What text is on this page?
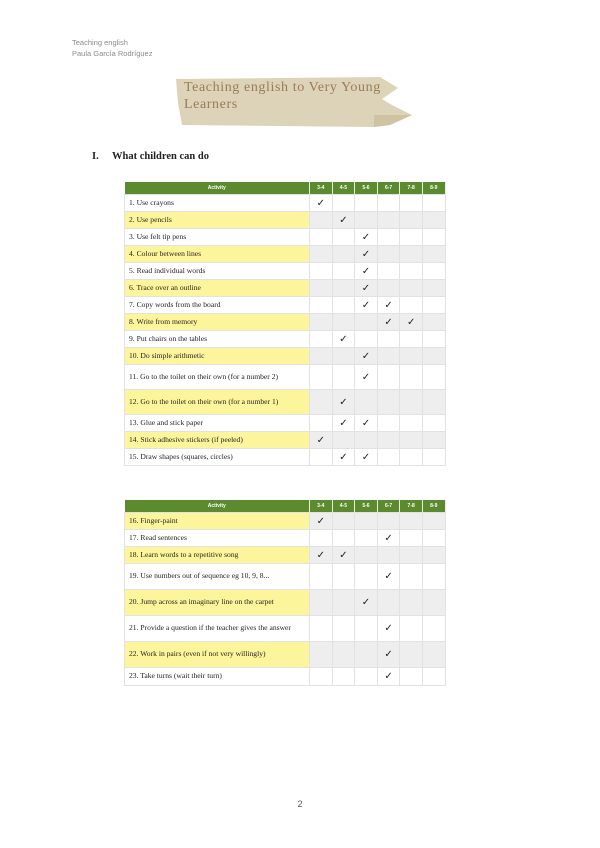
Teaching english
Paula García Rodríguez
Teaching english to Very Young Learners
I. What children can do
Activity	3-4	4-5	5-6	6-7	7-8	8-9
1. Use crayons	✓					
2. Use pencils		✓				
3. Use felt tip pens			✓			
4. Colour between lines			✓			
5. Read individual words			✓			
6. Trace over an outline			✓			
7. Copy words from the board			✓	✓		
8. Write from memory				✓	✓	
9. Put chairs on the tables		✓				
10. Do simple arithmetic			✓			
11. Go to the toilet on their own (for a number 2)			✓			
12. Go to the toilet on their own (for a number 1)		✓				
13. Glue and stick paper		✓	✓			
14. Stick adhesive stickers (if peeled)	✓					
15. Draw shapes (squares, circles)		✓	✓			
Activity	3-4	4-5	5-6	6-7	7-8	8-9
16. Finger-paint	✓					
17. Read sentences				✓		
18. Learn words to a repetitive song	✓	✓				
19. Use numbers out of sequence eg 10, 9, 8...				✓		
20. Jump across an imaginary line on the carpet			✓			
21. Provide a question if the teacher gives the answer				✓		
22. Work in pairs (even if not very willingly)				✓		
23. Take turns (wait their turn)				✓		
2
